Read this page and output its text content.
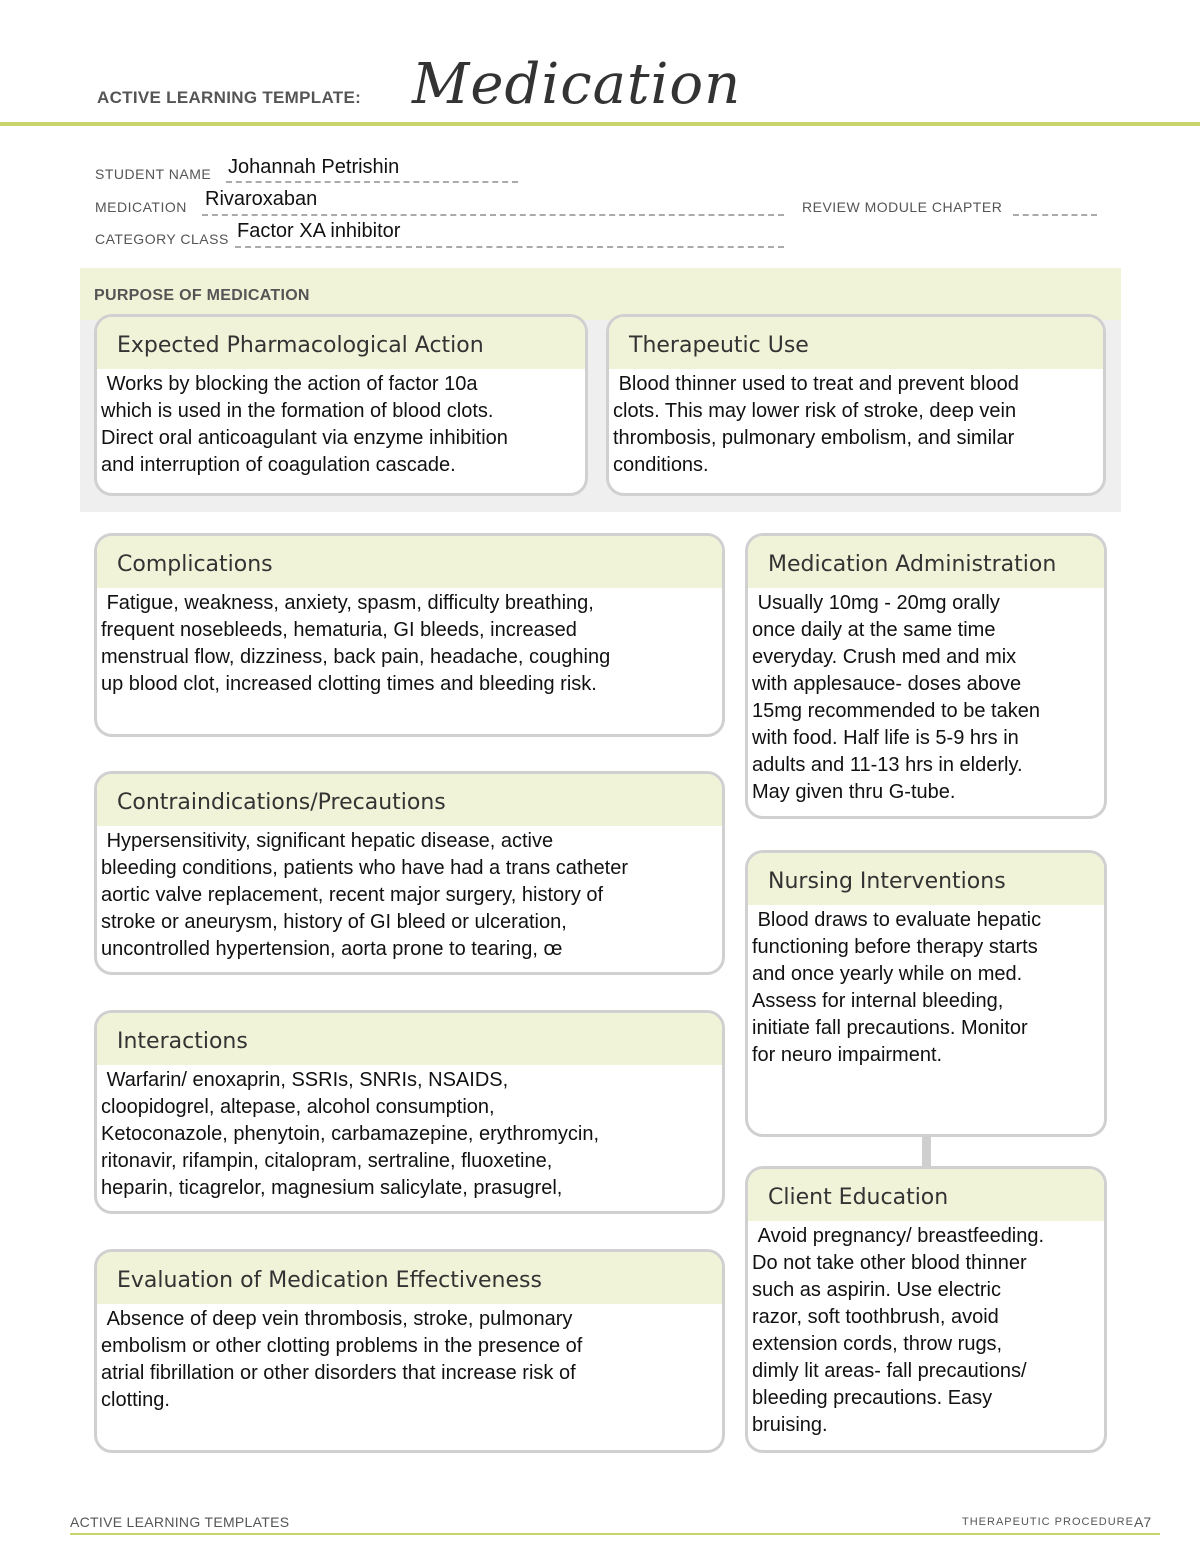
ACTIVE LEARNING TEMPLATE: Medication
STUDENT NAME Johannah Petrishin
MEDICATION Rivaroxaban	REVIEW MODULE CHAPTER
CATEGORY CLASS Factor XA inhibitor
PURPOSE OF MEDICATION
Expected Pharmacological Action
Works by blocking the action of factor 10a
which is used in the formation of blood clots.
Direct oral anticoagulant via enzyme inhibition
and interruption of coagulation cascade.
Therapeutic Use
Blood thinner used to treat and prevent blood
clots. This may lower risk of stroke, deep vein
thrombosis, pulmonary embolism, and similar
conditions.
Complications
Fatigue, weakness, anxiety, spasm, difficulty breathing,
frequent nosebleeds, hematuria, GI bleeds, increased
menstrual flow, dizziness, back pain, headache, coughing
up blood clot, increased clotting times and bleeding risk.
Contraindications/Precautions
Hypersensitivity, significant hepatic disease, active
bleeding conditions, patients who have had a trans catheter
aortic valve replacement, recent major surgery, history of
stroke or aneurysm, history of GI bleed or ulceration,
uncontrolled hypertension, aorta prone to tearing, œ
Interactions
Warfarin/ enoxaprin, SSRIs, SNRIs, NSAIDS,
cloopidogrel, altepase, alcohol consumption,
Ketoconazole, phenytoin, carbamazepine, erythromycin,
ritonavir, rifampin, citalopram, sertraline, fluoxetine,
heparin, ticagrelor, magnesium salicylate, prasugrel,
Evaluation of Medication Effectiveness
Absence of deep vein thrombosis, stroke, pulmonary
embolism or other clotting problems in the presence of
atrial fibrillation or other disorders that increase risk of
clotting.
Medication Administration
Usually 10mg - 20mg orally
once daily at the same time
everyday. Crush med and mix
with applesauce- doses above
15mg recommended to be taken
with food. Half life is 5-9 hrs in
adults and 11-13 hrs in elderly.
May given thru G-tube.
Nursing Interventions
Blood draws to evaluate hepatic
functioning before therapy starts
and once yearly while on med.
Assess for internal bleeding,
initiate fall precautions. Monitor
for neuro impairment.
Client Education
Avoid pregnancy/ breastfeeding.
Do not take other blood thinner
such as aspirin. Use electric
razor, soft toothbrush, avoid
extension cords, throw rugs,
dimly lit areas- fall precautions/
bleeding precautions. Easy
bruising.
ACTIVE LEARNING TEMPLATES	THERAPEUTIC PROCEDURE A7
